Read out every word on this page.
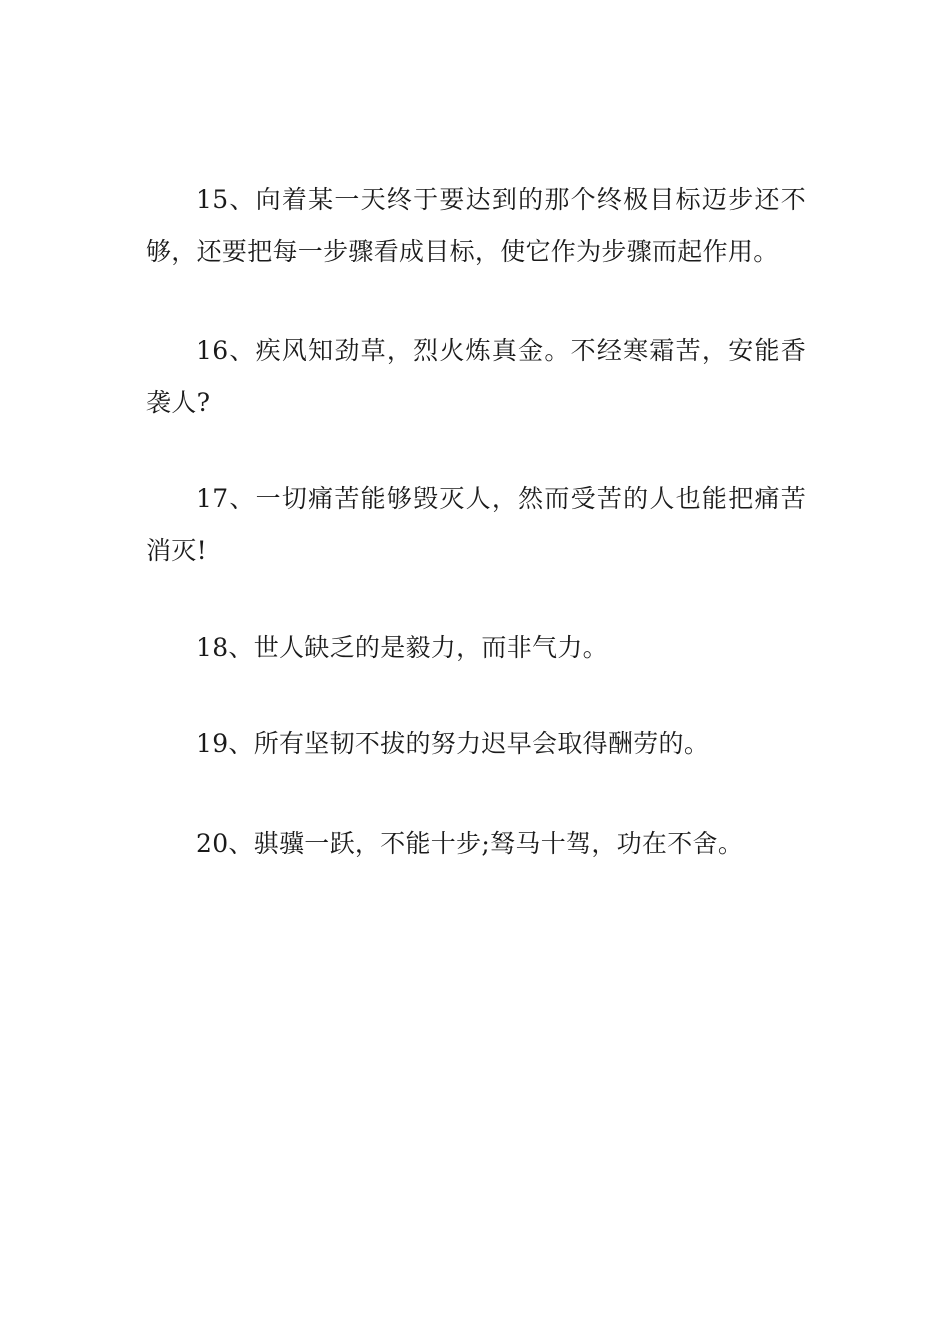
15、向着某一天终于要达到的那个终极目标迈步还不够，还要把每一步骤看成目标，使它作为步骤而起作用。

16、疾风知劲草，烈火炼真金。不经寒霜苦，安能香袭人?

17、一切痛苦能够毁灭人，然而受苦的人也能把痛苦消灭!

18、世人缺乏的是毅力，而非气力。

19、所有坚韧不拔的努力迟早会取得酬劳的。

20、骐骥一跃，不能十步;驽马十驾，功在不舍。
